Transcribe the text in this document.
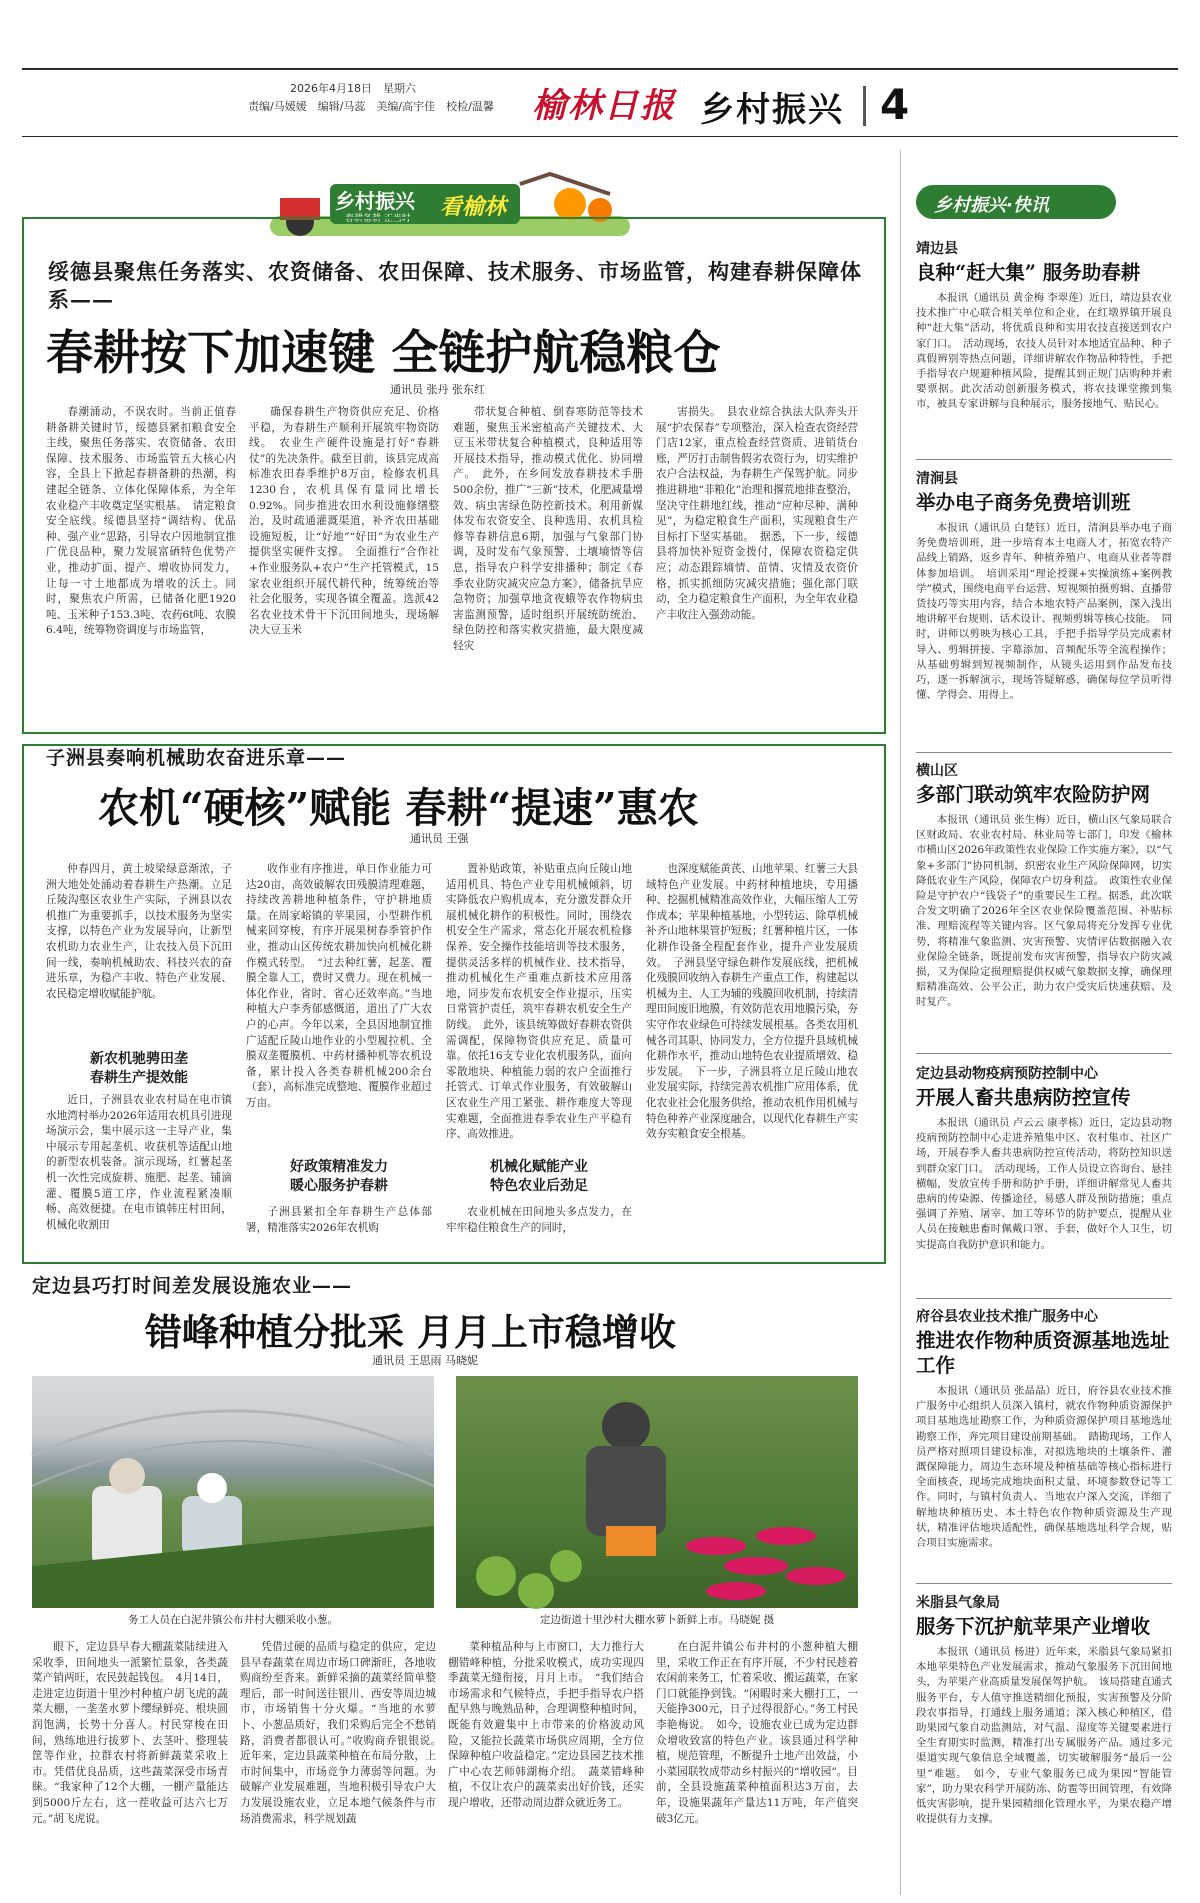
2026年4月18日　 星期六
责编/马媛媛　编辑/马蕊　美编/高宇佳　校检/温馨 榆林日报 乡村振兴 4
乡村振兴
春耕备耕 正当时 看榆林
绥德县聚焦任务落实、农资储备、农田保障、技术服务、市场监管，构建春耕保障体系——
春耕按下加速键 全链护航稳粮仓
通讯员 张丹 张东红
春潮涌动，不误农时。当前正值春耕备耕关键时节，绥德县紧扣粮食安全主线，聚焦任务落实、农资储备、农田保障、技术服务、市场监管五大核心内容，全县上下掀起春耕备耕的热潮，构建起全链条、立体化保障体系，为全年农业稳产丰收奠定坚实根基。　请定粮食安全底线。绥德县坚持“调结构、优品种、强产业”思路，引导农户因地制宜推广优良品种，聚力发展富硒特色优势产业，推动扩面、提产、增收协同发力，让每一寸土地都成为增收的沃土。同时，聚焦农户所需，已储备化肥1920吨、玉米种子153.3吨、农药6t吨、农膜6.4吨，统筹物资调度与市场监管，
确保春耕生产物资供应充足、价格平稳，为春耕生产顺利开展筑牢物资防线。　农业生产硬件设施是打好“春耕仗”的先决条件。截至目前，该县完成高标准农田春季维护8万亩，检修农机具1230台，农机具保有量同比增长0.92%。同步推进农田水利设施修缮整治，及时疏通灌溉渠道，补齐农田基础设施短板，让“好地”“好田”为农业生产提供坚实硬件支撑。　全面推行“合作社+作业服务队+农户”生产托管模式，15家农业组织开展代耕代种，统筹统治等社会化服务，实现各镇全覆盖。选派42名农业技术骨干下沉田间地头，现场解决大豆玉米
带状复合种植、倒春寒防范等技术难题，聚焦玉米密植高产关键技术、大豆玉米带状复合种植模式，良种适用等开展技术指导，推动模式优化、协同增产。　此外，在乡间发放春耕技术手册500余份，推广“三新”技术，化肥减量增效、病虫害绿色防控新技术。利用新媒体发布农资安全、良种选用、农机具检修等春耕信息6期，加强与气象部门协调，及时发布气象预警、土壤墒情等信息，指导农户科学安排播种；制定《春季农业防灾减灾应急方案》，储备抗旱应急物资；加强草地贪夜蛾等农作物病虫害监测预警，适时组织开展统防统治、绿色防控和落实救灾措施，最大限度减轻灾
害损失。　县农业综合执法大队奔头开展“护农保春”专项整治，深入检查农资经营门店12家，重点检查经营资质、进销货台账，严厉打击制售假劣农资行为，切实维护农户合法权益，为春耕生产保驾护航。同步推进耕地“非粮化”治理和撂荒地排查整治，坚决守住耕地红线，推动“应种尽种、满种见”，为稳定粮食生产面积，实现粮食生产目标打下坚实基础。　据悉，下一步，绥德县将加快补短资金拨付，保障农资稳定供应；动态跟踪墒情、苗情、灾情及农资价格，抓实抓细防灾减灾措施；强化部门联动，全力稳定粮食生产面积，为全年农业稳产丰收注入强劲动能。
子洲县奏响机械助农奋进乐章——
农机“硬核”赋能 春耕“提速”惠农
通讯员 王强
仲春四月，黄土坡梁绿意渐浓，子洲大地处处涌动着春耕生产热潮。立足丘陵沟壑区农业生产实际，子洲县以农机推广为重要抓手，以技术服务为坚实支撑，以特色产业为发展导向，让新型农机助力农业生产，让农技入员下沉田间一线，奏响机械助农、科技兴农的奋进乐章，为稳产丰收、特色产业发展、农民稳定增收赋能护航。
新农机驰骋田垄
春耕生产提效能
近日，子洲县农业农村局在电市镇水地湾村举办2026年适用农机具引进现场演示会，集中展示这一主导产业，集中展示专用起垄机、收获机等适配山地的新型农机装备。演示现场，红薯起垄机一次性完成旋耕、施肥、起垄、铺滴灌、覆膜5道工序，作业流程紧凑顺畅、高效便捷。在电市镇韩庄村田间，机械化收割田
收作业有序推进，单日作业能力可达20亩，高效破解农田残膜清理难题，持续改善耕地种植条件，守护耕地质量。在周家峪镇的苹果园，小型耕作机械来回穿梭，有序开展果树春季管护作业，推动山区传统农耕加快向机械化耕作模式转型。　“过去种红薯，起垄、覆膜全靠人工，费时又费力。现在机械一体化作业，省时、省心还效率高。”当地种植大户李秀郁感慨道，道出了广大农户的心声。今年以来，全县因地制宜推广适配丘陵山地作业的小型履拉机、全膜双垄覆膜机、中药材播种机等农机设备，累计投入各类春耕机械200余台（套），高标准完成整地、覆膜作业超过万亩。
好政策精准发力
暖心服务护春耕
子洲县紧扣全年春耕生产总体部署，精准落实2026年农机购
置补贴政策，补贴重点向丘陵山地适用机具、特色产业专用机械倾斜，切实降低农户购机成本，充分激发群众开展机械化耕作的积极性。同时，围绕农机安全生产需求，常态化开展农机检修保养、安全操作技能培训等技术服务，提供灵活多样的机械作业、技术指导，推动机械化生产重难点新技术应用落地，同步发布农机安全作业提示，压实日常管护责任，筑牢春耕农机安全生产防线。　此外，该县统筹做好春耕农资供需调配，保障物资供应充足、质量可靠。依托16支专业化农机服务队，面向零散地块、种植能力弱的农户全面推行托管式、订单式作业服务，有效破解山区农业生产用工紧张、耕作难度大等现实难题，全面推进春季农业生产平稳有序、高效推进。
机械化赋能产业
特色农业后劲足
农业机械在田间地头多点发力，在牢牢稳住粮食生产的同时，
也深度赋能黄芪、山地苹果、红薯三大县域特色产业发展。中药材种植地块，专用播种、挖掘机械精准高效作业，大幅压缩人工劳作成本；苹果种植基地，小型转运、除草机械补齐山地林果管护短板；红薯种植片区，一体化耕作设备全程配套作业，提升产业发展质效。　子洲县坚守绿色耕作发展底线，把机械化残膜回收纳入春耕生产重点工作，构建起以机械为主、人工为辅的残膜回收机制，持续清理田间废旧地膜，有效防范农用地膜污染，夯实守作农业绿色可持续发展根基。各类农用机械各司其职、协同发力，全方位提升县域机械化耕作水平，推动山地特色农业提质增效、稳步发展。　下一步，子洲县将立足丘陵山地农业发展实际，持续完善农机推广应用体系，优化农业社会化服务供给，推动农机作用机械与特色种养产业深度融合，以现代化春耕生产实效夯实粮食安全根基。
定边县巧打时间差发展设施农业——
错峰种植分批采 月月上市稳增收
通讯员 王思雨 马晓妮
务工人员在白泥井镇公布井村大棚采收小葱。	定边街道十里沙村大棚水萝卜新鲜上市。马晓妮 摄
眼下，定边县早春大棚蔬菜陆续进入采收季，田间地头一派繁忙景象，各类蔬菜产销两旺，农民鼓起钱包。　4月14日，走进定边街道十里沙村种植户胡飞虎的蔬菜大棚，一垄垄水萝卜缨绿鲜亮、根块圆润饱满，长势十分喜人。村民穿梭在田间，熟练地进行拔萝卜、去茎叶、整理装筐等作业，拉群农村将新鲜蔬菜采收上市。凭借优良品质，这些蔬菜深受市场青睐。“我家种了12个大棚，一棚产量能达到5000斤左右，这一茬收益可达六七万元。”胡飞虎说。
凭借过硬的品质与稳定的供应，定边县早春蔬菜在周边市场口碑渐旺，各地收购商纷至沓来。新鲜采摘的蔬菜经简单整理后，部一时间送往银川、西安等周边城市，市场销售十分火爆。“当地的水萝卜、小葱品质好，我们采购后完全不愁销路，消费者都很认可。”收购商乔银银说。　近年来，定边县蔬菜种植在布局分散，上市时间集中，市场竞争力薄弱等问题。为破解产业发展难题，当地积极引导农户大力发展设施农业，立足本地气候条件与市场消费需求，科学规划蔬
菜种植品种与上市窗口，大力推行大棚错峰种植，分批采收模式，成功实现四季蔬菜无缝衔接，月月上市。　“我们结合市场需求和气候特点，手把手指导农户搭配早熟与晚熟品种，合理调整种植时间，既能有效避集中上市带来的价格波动风险，又能拉长蔬菜市场供应周期，全方位保障种植户收益稳定。”定边县园艺技术推广中心农艺师韩湖梅介绍。　蔬菜错峰种植，不仅让农户的蔬菜卖出好价钱，还实现户增收，还带动周边群众就近务工。
在白泥井镇公布井村的小葱种植大棚里，采收工作正在有序开展，不少村民趁着农闲前来务工，忙着采收、搬运蔬菜，在家门口就能挣到钱。“闲暇时来大棚打工，一天能挣300元，日子过得很舒心。”务工村民李艳梅说。　如今，设施农业已成为定边群众增收致富的特色产业。该县通过科学种植，规范管理，不断提升土地产出效益，小小菜园联牧成带动乡村振兴的“增收园”。目前，全县设施蔬菜种植面积达3万亩，去年，设施果蔬年产量达11万吨，年产值突破3亿元。
乡村振兴·快讯
靖边县
良种“赶大集” 服务助春耕
本报讯（通讯员 黄金梅 李翠莲）近日，靖边县农业技术推广中心联合相关单位和企业，在红墩界镇开展良种“赶大集”活动，将优质良种和实用农技直接送到农户家门口。　活动现场，农技人员针对本地适宜品种、种子真假辨别等热点问题，详细讲解农作物品种特性，手把手指导农户规避种植风险，提醒其到正规门店购种并索要票据。此次活动创新服务模式，将农技课堂搬到集市，被具专家讲解与良种展示，服务接地气、贴民心。
清涧县
举办电子商务免费培训班
本报讯（通讯员 白楚钰）近日，清涧县举办电子商务免费培训班，进一步培育本土电商人才，拓宽农特产品线上销路，返乡青年、种植养殖户、电商从业者等群体参加培训。　培训采用“理论授课+实操演练+案例教学”模式，围绕电商平台运营、短视频拍摄剪辑、直播带货技巧等实用内容，结合本地农特产品案例，深入浅出地讲解平台规则、话术设计、视频剪辑等核心技能。　同时，讲师以剪映为核心工具，手把手指导学员完成素材导入、剪辑拼接、字幕添加、音频配乐等全流程操作；从基础剪辑到短视频制作，从镜头运用到作品发布技巧，逐一拆解演示，现场答疑解惑，确保每位学员听得懂、学得会、用得上。
横山区
多部门联动筑牢农险防护网
本报讯（通讯员 张生梅）近日，横山区气象局联合区财政局、农业农村局、林业局等七部门，印发《榆林市横山区2026年政策性农业保险工作实施方案》，以“气象+多部门”协同机制，织密农业生产风险保障网，切实降低农业生产风险，保障农户切身利益。　政策性农业保险是守护农户“钱袋子”的重要民生工程。据悉，此次联合发文明确了2026年全区农业保险覆盖范围、补贴标准、理赔流程等关键内容。区气象局将充分发挥专业优势，将精准气象监测、灾害预警、灾情评估数据融入农业保险全链条，既提前发布灾害预警，指导农户防灾减损，又为保险定损理赔提供权威气象数据支撑，确保理赔精准高效、公平公正，助力农户受灾后快速获赔、及时复产。
定边县动物疫病预防控制中心
开展人畜共患病防控宣传
本报讯（通讯员 卢云云 康孝栋）近日，定边县动物疫病预防控制中心走进养殖集中区、农村集市、社区广场，开展春季人畜共患病防控宣传活动，将防控知识送到群众家门口。　活动现场，工作人员设立咨询台、悬挂横幅，发放宣传手册和防护手册，详细讲解常见人畜共患病的传染源、传播途径，易感人群及预防措施；重点强调了养殖、屠宰、加工等环节的防护要点，提醒从业人员在接触患畜时佩戴口罩、手套，做好个人卫生，切实提高自我防护意识和能力。
府谷县农业技术推广服务中心
推进农作物种质资源基地选址工作
本报讯（通讯员 张晶晶）近日，府谷县农业技术推广服务中心组织人员深入镇村，就农作物种质资源保护项目基地选址勘察工作，为种质资源保护项目基地选址勘察工作，奔完项目建设前期基础。　踏勘现场，工作人员严格对照项目建设标准，对拟选地块的土壤条件、灌溉保障能力，周边生态环境及种植基础等核心指标进行全面核查，现场完成地块面积丈量、环境参数登记等工作。同时，与镇村负责人、当地农户深入交流，详细了解地块种植历史、本土特色农作物种质资源及生产现状，精准评估地块适配性，确保基地选址科学合规，贴合项目实施需求。
米脂县气象局
服务下沉护航苹果产业增收
本报讯（通讯员 杨进）近年来，米脂县气象局紧扣本地苹果特色产业发展需求，推动气象服务下沉田间地头，为苹果产业高质量发展保驾护航。　该局搭建直通式服务平台，专人值守推送精细化预报，实害预警及分阶段农事指导，打通线上服务通道；深入核心种植区，借助果园气象自动监测站，对气温、湿度等关键要素进行全生育期实时监测，精准打出专属服务产品。通过多元渠道实现气象信息全域覆盖，切实破解服务“最后一公里”难题。　如今，专业气象服务已成为果园“智能管家”，助力果农科学开展防冻、防雹等田间管理，有效降低灾害影响，提升果园精细化管理水平，为果农稳产增收提供有力支撑。
